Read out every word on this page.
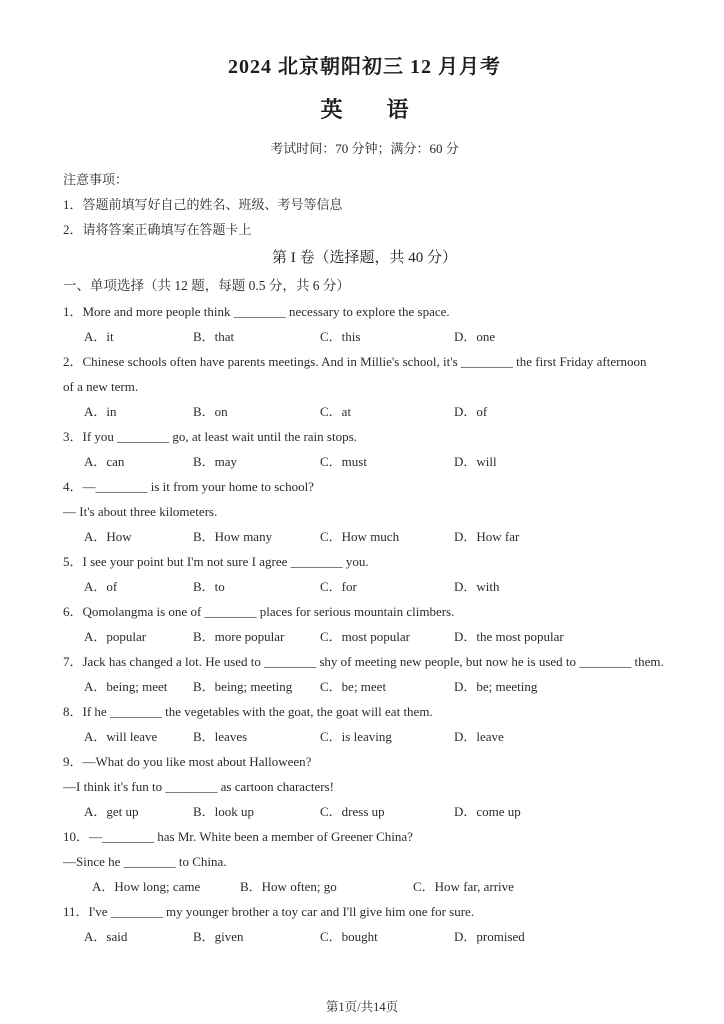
2024 北京朝阳初三 12 月月考
英　　语
考试时间：70 分钟；满分：60 分
注意事项：
1．答题前填写好自己的姓名、班级、考号等信息
2．请将答案正确填写在答题卡上
第 I 卷（选择题，共 40 分）
一、单项选择（共 12 题，每题 0.5 分，共 6 分）
1．More and more people think ________ necessary to explore the space.
A．it	B．that	C．this	D．one
2．Chinese schools often have parents meetings. And in Millie's school, it's ________ the first Friday afternoon
of a new term.
A．in	B．on	C．at	D．of
3．If you ________ go, at least wait until the rain stops.
A．can	B．may	C．must	D．will
4．—________ is it from your home to school?
— It's about three kilometers.
A．How	B．How many	C．How much	D．How far
5．I see your point but I'm not sure I agree ________ you.
A．of	B．to	C．for	D．with
6．Qomolangma is one of ________ places for serious mountain climbers.
A．popular	B．more popular	C．most popular	D．the most popular
7．Jack has changed a lot. He used to ________ shy of meeting new people, but now he is used to ________ them.
A．being; meet B．being; meeting C．be; meet	D．be; meeting
8．If he ________ the vegetables with the goat, the goat will eat them.
A．will leave	B．leaves	C．is leaving	D．leave
9．—What do you like most about Halloween?
—I think it's fun to ________ as cartoon characters!
A．get up	B．look up	C．dress up	D．come up
10．—________ has Mr. White been a member of Greener China?
—Since he ________ to China.
A．How long; came	B．How often; go	C．How far, arrive
11．I've ________ my younger brother a toy car and I'll give him one for sure.
A．said	B．given	C．bought	D．promised
第1页/共14页
